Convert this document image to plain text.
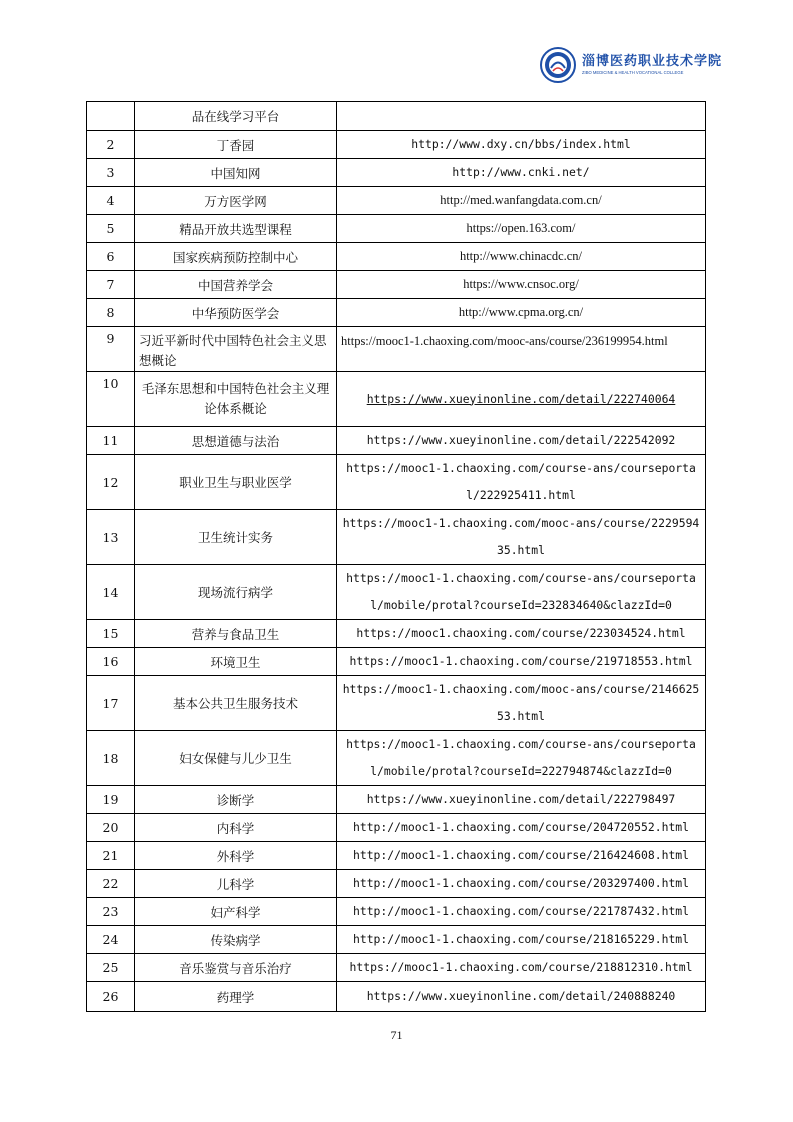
淄博医药职业技术学院
ZIBO MEDICINE & HEALTH VOCATIONAL COLLEGE
	品在线学习平台	
2	丁香园	http://www.dxy.cn/bbs/index.html
3	中国知网	http://www.cnki.net/
4	万方医学网	http://med.wanfangdata.com.cn/
5	精品开放共选型课程	https://open.163.com/
6	国家疾病预防控制中心	http://www.chinacdc.cn/
7	中国营养学会	https://www.cnsoc.org/
8	中华预防医学会	http://www.cpma.org.cn/
9	习近平新时代中国特色社会主义思想概论	https://mooc1-1.chaoxing.com/mooc-ans/course/236199954.html
10	毛泽东思想和中国特色社会主义理论体系概论	https://www.xueyinonline.com/detail/222740064
11	思想道德与法治	https://www.xueyinonline.com/detail/222542092
12	职业卫生与职业医学	https://mooc1-1.chaoxing.com/course-ans/courseportal/222925411.html
13	卫生统计实务	https://mooc1-1.chaoxing.com/mooc-ans/course/222959435.html
14	现场流行病学	https://mooc1-1.chaoxing.com/course-ans/courseportal/mobile/protal?courseId=232834640&clazzId=0
15	营养与食品卫生	https://mooc1.chaoxing.com/course/223034524.html
16	环境卫生	https://mooc1-1.chaoxing.com/course/219718553.html
17	基本公共卫生服务技术	https://mooc1-1.chaoxing.com/mooc-ans/course/214662553.html
18	妇女保健与儿少卫生	https://mooc1-1.chaoxing.com/course-ans/courseportal/mobile/protal?courseId=222794874&clazzId=0
19	诊断学	https://www.xueyinonline.com/detail/222798497
20	内科学	http://mooc1-1.chaoxing.com/course/204720552.html
21	外科学	http://mooc1-1.chaoxing.com/course/216424608.html
22	儿科学	http://mooc1-1.chaoxing.com/course/203297400.html
23	妇产科学	http://mooc1-1.chaoxing.com/course/221787432.html
24	传染病学	http://mooc1-1.chaoxing.com/course/218165229.html
25	音乐鉴赏与音乐治疗	https://mooc1-1.chaoxing.com/course/218812310.html
26	药理学	https://www.xueyinonline.com/detail/240888240
71
